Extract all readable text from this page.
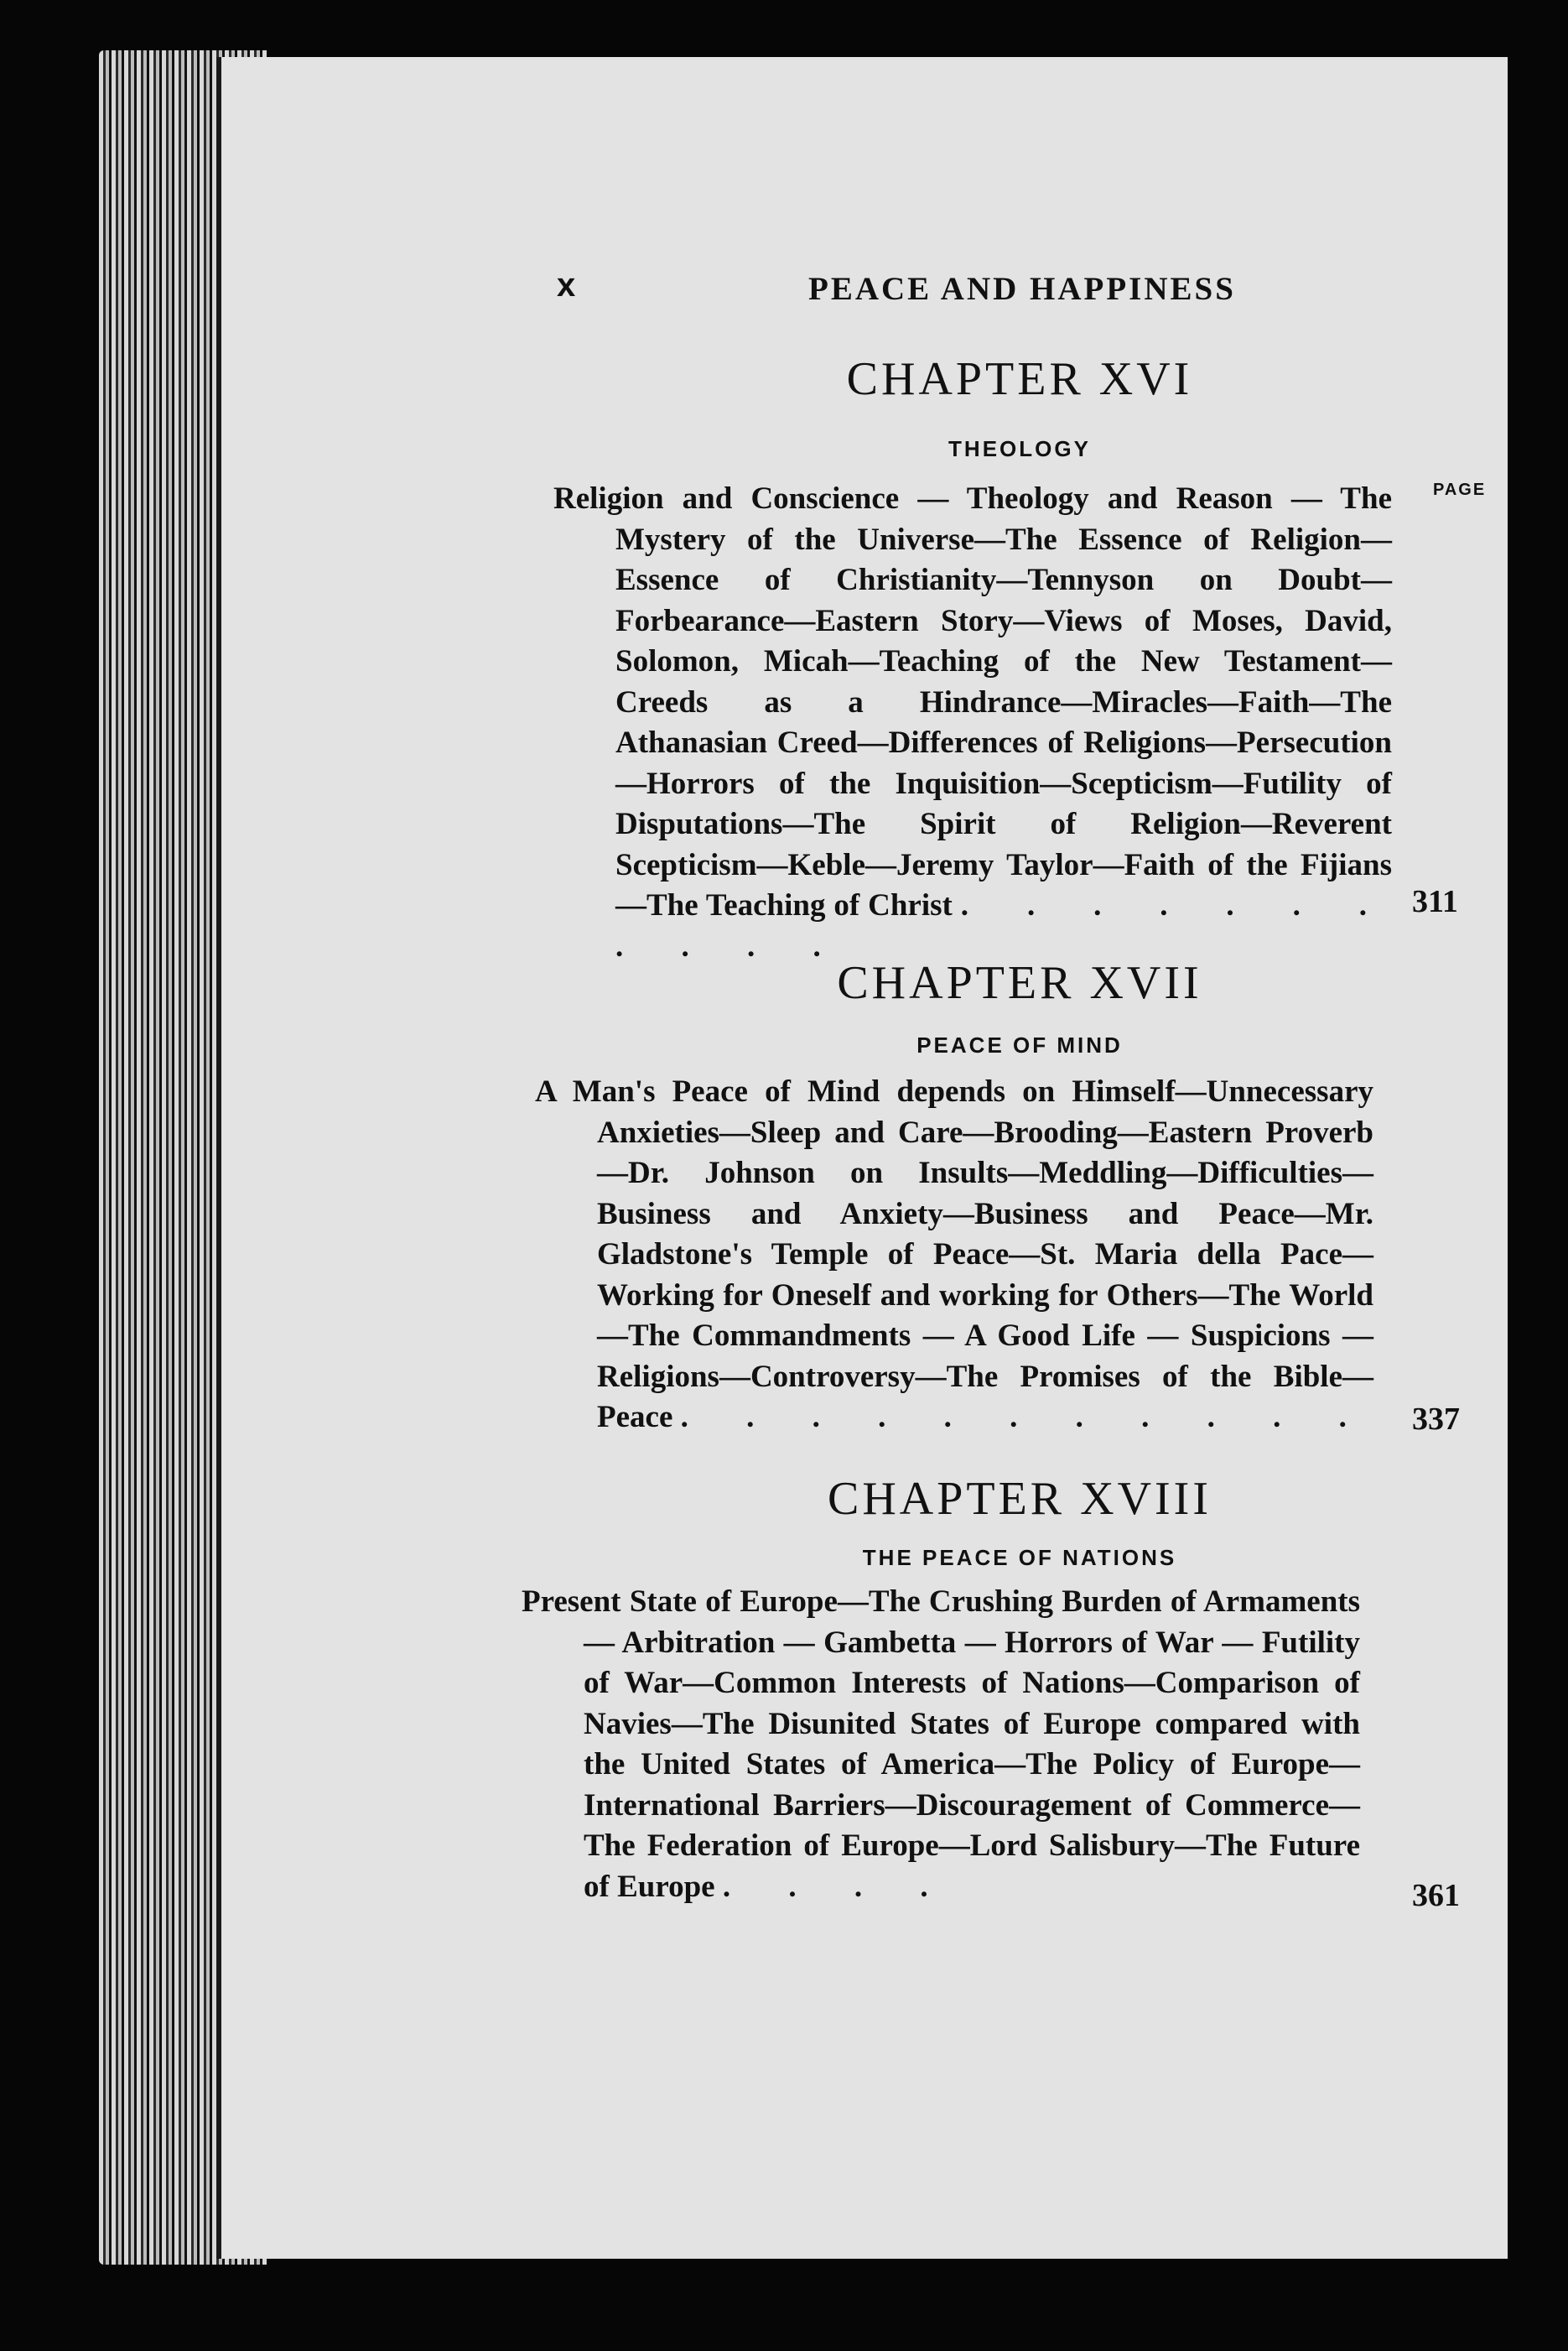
x	PEACE AND HAPPINESS
CHAPTER XVI
THEOLOGY
PAGE
Religion and Conscience — Theology and Reason — The Mystery of the Universe—The Essence of Religion—Essence of Christianity—Tennyson on Doubt—Forbearance—Eastern Story—Views of Moses, David, Solomon, Micah—Teaching of the New Testament—Creeds as a Hindrance—Miracles—Faith—The Athanasian Creed—Differences of Religions—Persecution—Horrors of the Inquisition—Scepticism—Futility of Disputations—The Spirit of Religion—Reverent Scepticism—Keble—Jeremy Taylor—Faith of the Fijians—The Teaching of Christ . . . . . . . . . . .
311
CHAPTER XVII
PEACE OF MIND
A Man's Peace of Mind depends on Himself—Unnecessary Anxieties—Sleep and Care—Brooding—Eastern Proverb —Dr. Johnson on Insults—Meddling—Difficulties—Business and Anxiety—Business and Peace—Mr. Gladstone's Temple of Peace—St. Maria della Pace—Working for Oneself and working for Others—The World—The Commandments — A Good Life — Suspicions — Religions—Controversy—The Promises of the Bible—Peace . . . . . . . . . . . 337
CHAPTER XVIII
THE PEACE OF NATIONS
Present State of Europe—The Crushing Burden of Armaments — Arbitration — Gambetta — Horrors of War — Futility of War—Common Interests of Nations—Comparison of Navies—The Disunited States of Europe compared with the United States of America—The Policy of Europe—International Barriers—Discouragement of Commerce—The Federation of Europe—Lord Salisbury—The Future of Europe . . . .	361
